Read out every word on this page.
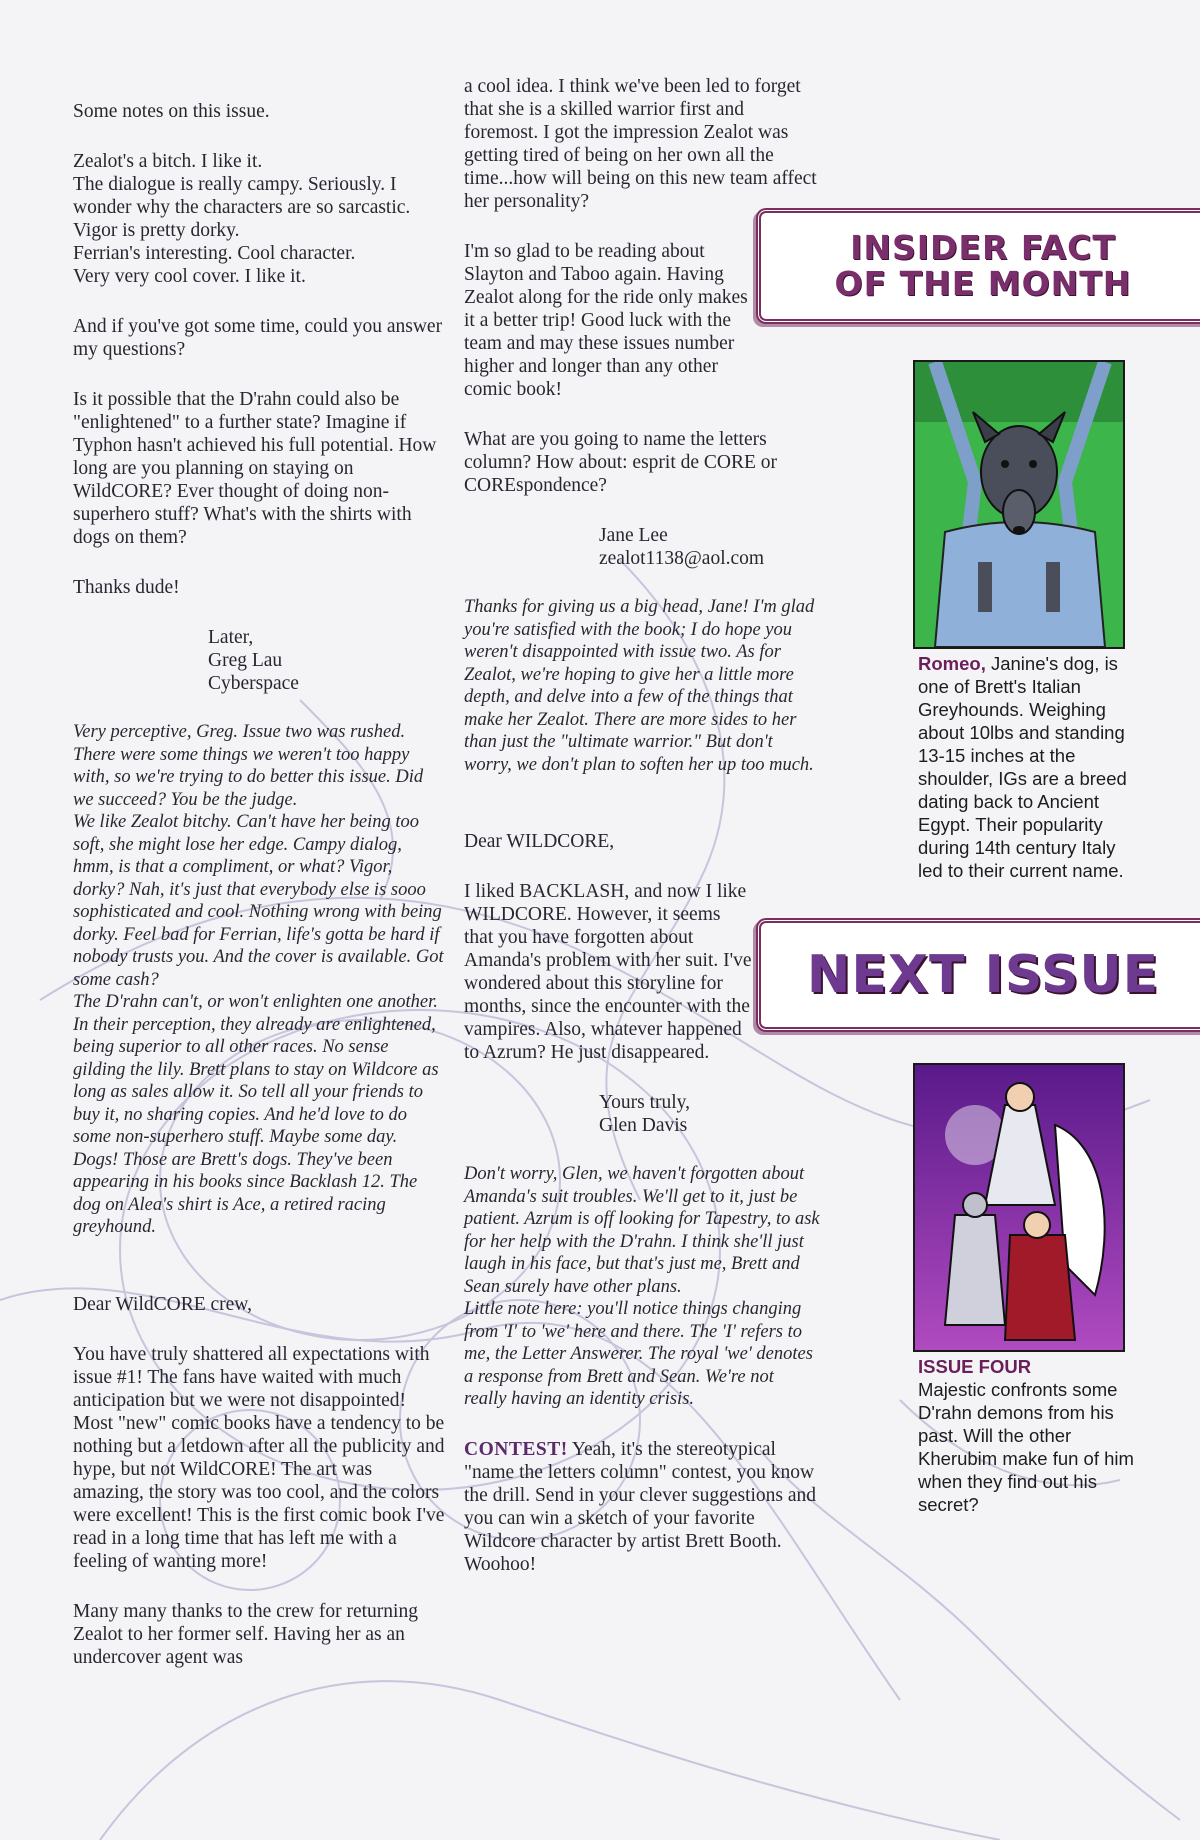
Some notes on this issue.

Zealot's a bitch. I like it.
The dialogue is really campy. Seriously. I wonder why the characters are so sarcastic.
Vigor is pretty dorky.
Ferrian's interesting. Cool character.
Very very cool cover. I like it.

And if you've got some time, could you answer my questions?

Is it possible that the D'rahn could also be "enlightened" to a further state? Imagine if Typhon hasn't achieved his full potential. How long are you planning on staying on WildCORE? Ever thought of doing non-superhero stuff? What's with the shirts with dogs on them?

Thanks dude!

Later,
Greg Lau
Cyberspace

Very perceptive, Greg. Issue two was rushed. There were some things we weren't too happy with, so we're trying to do better this issue. Did we succeed? You be the judge.
We like Zealot bitchy. Can't have her being too soft, she might lose her edge. Campy dialog, hmm, is that a compliment, or what? Vigor, dorky? Nah, it's just that everybody else is sooo sophisticated and cool. Nothing wrong with being dorky. Feel bad for Ferrian, life's gotta be hard if nobody trusts you. And the cover is available. Got some cash?
The D'rahn can't, or won't enlighten one another. In their perception, they already are enlightened, being superior to all other races. No sense gilding the lily. Brett plans to stay on Wildcore as long as sales allow it. So tell all your friends to buy it, no sharing copies. And he'd love to do some non-superhero stuff. Maybe some day. Dogs! Those are Brett's dogs. They've been appearing in his books since Backlash 12. The dog on Alea's shirt is Ace, a retired racing greyhound.

Dear WildCORE crew,

You have truly shattered all expectations with issue #1! The fans have waited with much anticipation but we were not disappointed! Most "new" comic books have a tendency to be nothing but a letdown after all the publicity and hype, but not WildCORE! The art was amazing, the story was too cool, and the colors were excellent! This is the first comic book I've read in a long time that has left me with a feeling of wanting more!

Many many thanks to the crew for returning Zealot to her former self. Having her as an undercover agent was

a cool idea. I think we've been led to forget that she is a skilled warrior first and foremost. I got the impression Zealot was getting tired of being on her own all the time...how will being on this new team affect her personality?

I'm so glad to be reading about Slayton and Taboo again. Having Zealot along for the ride only makes it a better trip! Good luck with the team and may these issues number higher and longer than any other comic book!

What are you going to name the letters column? How about: esprit de CORE or COREspondence?

Jane Lee
zealot1138@aol.com

Thanks for giving us a big head, Jane! I'm glad you're satisfied with the book; I do hope you weren't disappointed with issue two. As for Zealot, we're hoping to give her a little more depth, and delve into a few of the things that make her Zealot. There are more sides to her than just the "ultimate warrior." But don't worry, we don't plan to soften her up too much.

Dear WILDCORE,

I liked BACKLASH, and now I like WILDCORE. However, it seems that you have forgotten about Amanda's problem with her suit. I've wondered about this storyline for months, since the encounter with the vampires. Also, whatever happened to Azrum? He just disappeared.

Yours truly,
Glen Davis

Don't worry, Glen, we haven't forgotten about Amanda's suit troubles. We'll get to it, just be patient. Azrum is off looking for Tapestry, to ask for her help with the D'rahn. I think she'll just laugh in his face, but that's just me, Brett and Sean surely have other plans.
Little note here: you'll notice things changing from 'I' to 'we' here and there. The 'I' refers to me, the Letter Answerer. The royal 'we' denotes a response from Brett and Sean. We're not really having an identity crisis.

CONTEST! Yeah, it's the stereotypical "name the letters column" contest, you know the drill. Send in your clever suggestions and you can win a sketch of your favorite Wildcore character by artist Brett Booth. Woohoo!

INSIDER FACT
OF THE MONTH
Romeo, Janine's dog, is one of Brett's Italian Greyhounds. Weighing about 10lbs and standing 13-15 inches at the shoulder, IGs are a breed dating back to Ancient Egypt. Their popularity during 14th century Italy led to their current name.
NEXT ISSUE
ISSUE FOUR
Majestic confronts some D'rahn demons from his past. Will the other Kherubim make fun of him when they find out his secret?
